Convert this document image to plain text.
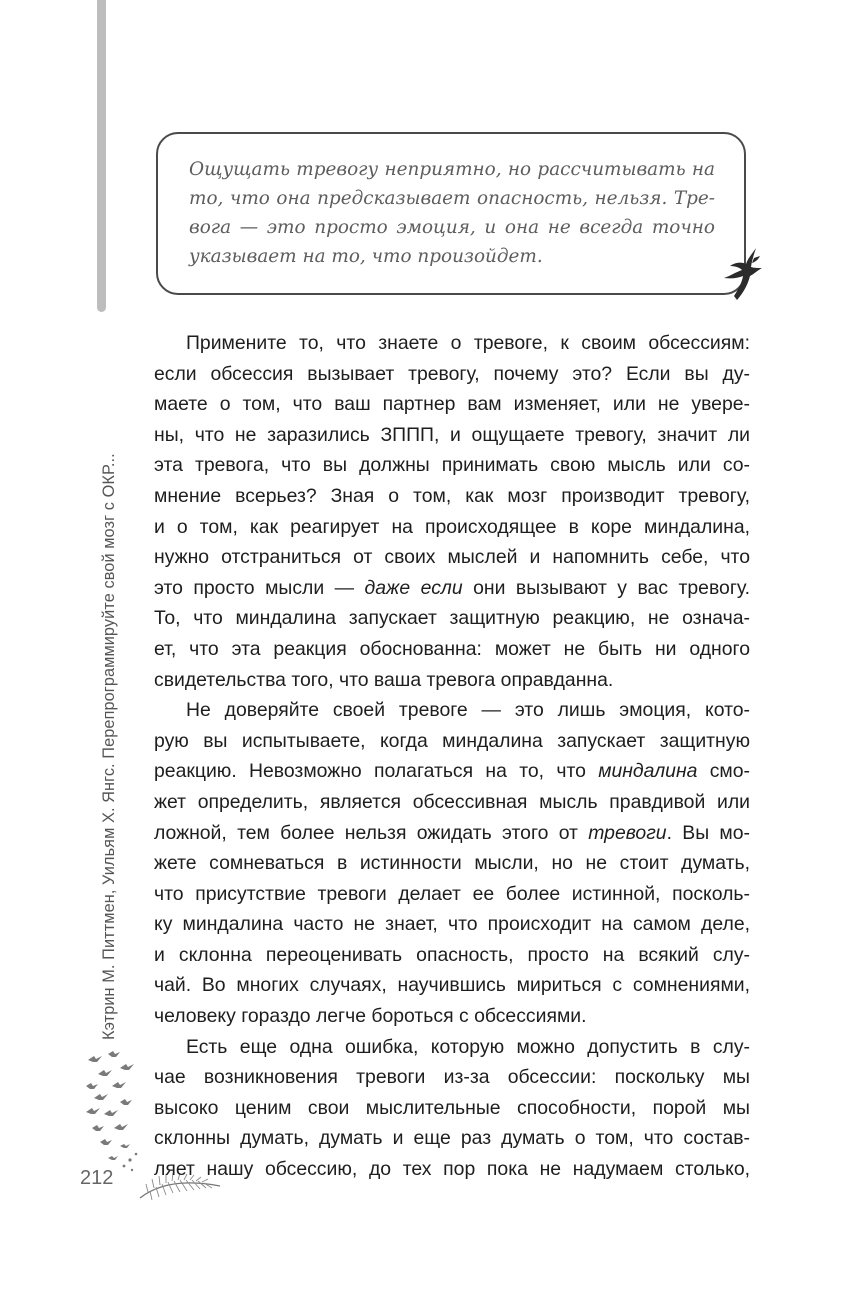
Кэтрин М. Питтмен, Уильям Х. Янгс. Перепрограммируйте свой мозг с ОКР...
212
Ощущать тревогу неприятно, но рассчитывать на
то, что она предсказывает опасность, нельзя. Тре-
вога — это просто эмоция, и она не всегда точно
указывает на то, что произойдет.
Примените то, что знаете о тревоге, к своим обсессиям:
если обсессия вызывает тревогу, почему это? Если вы ду-
маете о том, что ваш партнер вам изменяет, или не увере-
ны, что не заразились ЗППП, и ощущаете тревогу, значит ли
эта тревога, что вы должны принимать свою мысль или со-
мнение всерьез? Зная о том, как мозг производит тревогу,
и о том, как реагирует на происходящее в коре миндалина,
нужно отстраниться от своих мыслей и напомнить себе, что
это просто мысли — даже если они вызывают у вас тревогу.
То, что миндалина запускает защитную реакцию, не означа-
ет, что эта реакция обоснованна: может не быть ни одного
свидетельства того, что ваша тревога оправданна.
Не доверяйте своей тревоге — это лишь эмоция, кото-
рую вы испытываете, когда миндалина запускает защитную
реакцию. Невозможно полагаться на то, что миндалина смо-
жет определить, является обсессивная мысль правдивой или
ложной, тем более нельзя ожидать этого от тревоги. Вы мо-
жете сомневаться в истинности мысли, но не стоит думать,
что присутствие тревоги делает ее более истинной, посколь-
ку миндалина часто не знает, что происходит на самом деле,
и склонна переоценивать опасность, просто на всякий слу-
чай. Во многих случаях, научившись мириться с сомнениями,
человеку гораздо легче бороться с обсессиями.
Есть еще одна ошибка, которую можно допустить в слу-
чае возникновения тревоги из-за обсессии: поскольку мы
высоко ценим свои мыслительные способности, порой мы
склонны думать, думать и еще раз думать о том, что состав-
ляет нашу обсессию, до тех пор пока не надумаем столько,
